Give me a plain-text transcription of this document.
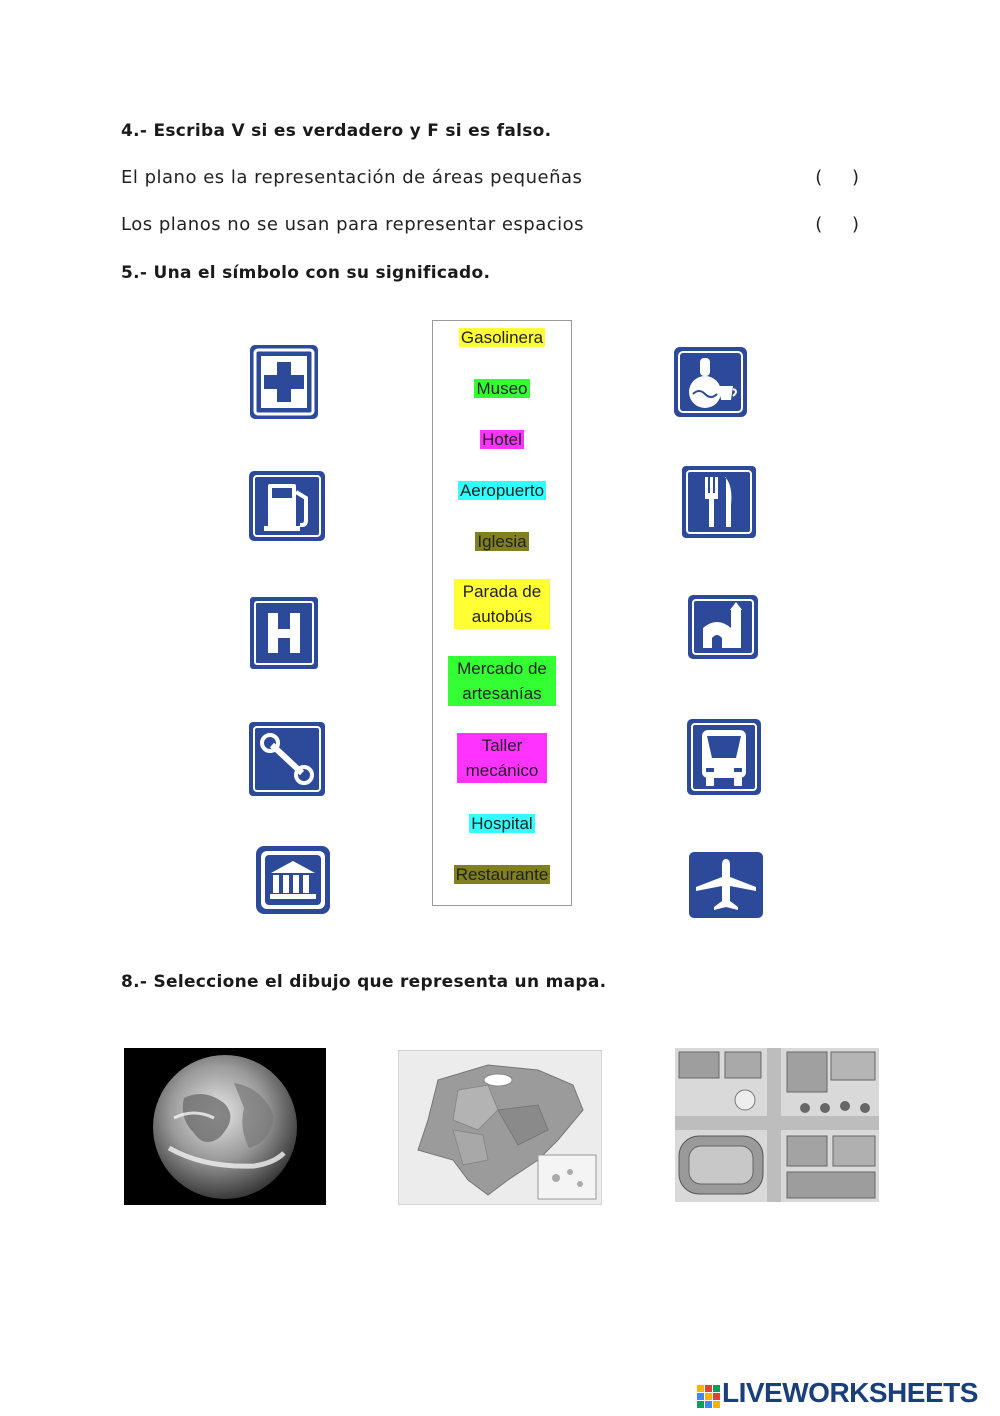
4.- Escriba V si es verdadero y F si es falso.
El plano es la representación de áreas pequeñas	( )
Los planos no se usan para representar espacios	( )
5.- Una el símbolo con su significado.
Gasolinera
Museo
Hotel
Aeropuerto
Iglesia
Parada de autobús
Mercado de artesanías
Taller mecánico
Hospital
Restaurante
8.- Seleccione el dibujo que representa un mapa.
LIVEWORKSHEETS
